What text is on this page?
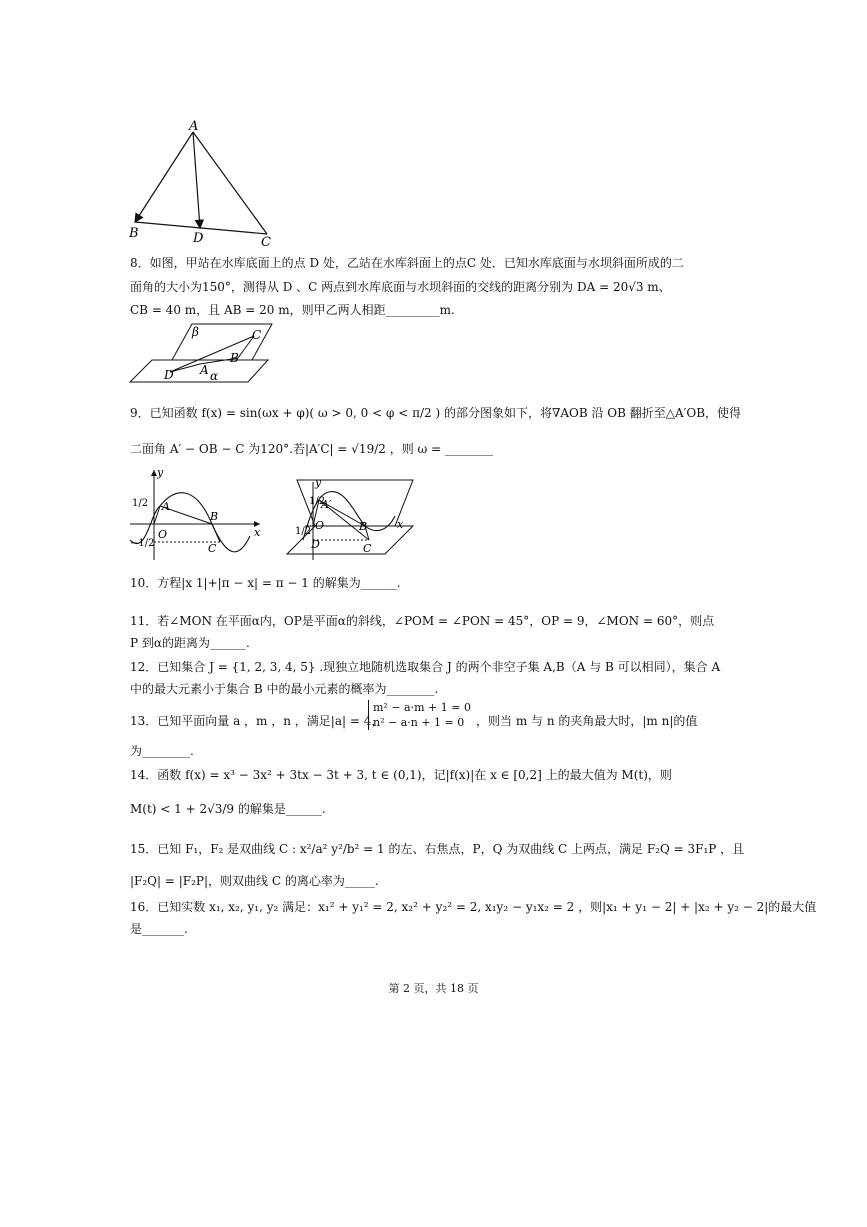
A
B	D	C
8．如图，甲站在水库底面上的点 D 处，乙站在水库斜面上的点C 处．已知水库底面与水坝斜面所成的二
面角的大小为150°，测得从 D 、C 两点到水库底面与水坝斜面的交线的距离分别为 DA = 20√3 m、
CB = 40 m，且 AB = 20 m，则甲乙两人相距_________m.
β	C
B
D A α
9．已知函数 f(x) = sin(ωx + φ)( ω > 0, 0 < φ < π/2 ) 的部分图象如下，将∇AOB 沿 OB 翻折至△A′OB，使得
二面角 A′ − OB − C 为120°.若|A′C| = √19/2 ，则 ω = ________
y
x
1/2
−1/2
A
B
O
C
y
x
1/2
1/2
A′
B
O
C
D
10．方程|x 1|+|π − x| = π − 1 的解集为______.
11．若∠MON 在平面α内，OP是平面α的斜线，∠POM = ∠PON = 45°，OP = 9，∠MON = 60°，则点
P 到α的距离为______.
12．已知集合 J = {1, 2, 3, 4, 5} .现独立地随机选取集合 J 的两个非空子集 A,B（A 与 B 可以相同），集合 A
中的最大元素小于集合 B 中的最小元素的概率为________.
13．已知平面向量 a ，m ，n ，满足|a| = 4，
m² − a·m + 1 = 0
n² − a·n + 1 = 0 ，则当 m 与 n 的夹角最大时，|m n|的值
为________.
14．函数 f(x) = x³ − 3x² + 3tx − 3t + 3, t ∈ (0,1)，记|f(x)|在 x ∈ [0,2] 上的最大值为 M(t)，则
M(t) < 1 + 2√3/9 的解集是______.
15．已知 F₁，F₂ 是双曲线 C : x²/a² y²/b² = 1 的左、右焦点，P，Q 为双曲线 C 上两点，满足 F₂Q = 3F₁P ，且
|F₂Q| = |F₂P|，则双曲线 C 的离心率为_____.
16．已知实数 x₁, x₂, y₁, y₂ 满足：x₁² + y₁² = 2, x₂² + y₂² = 2, x₁y₂ − y₁x₂ = 2 ，则|x₁ + y₁ − 2| + |x₂ + y₂ − 2|的最大值
是_______.
第 2 页，共 18 页
